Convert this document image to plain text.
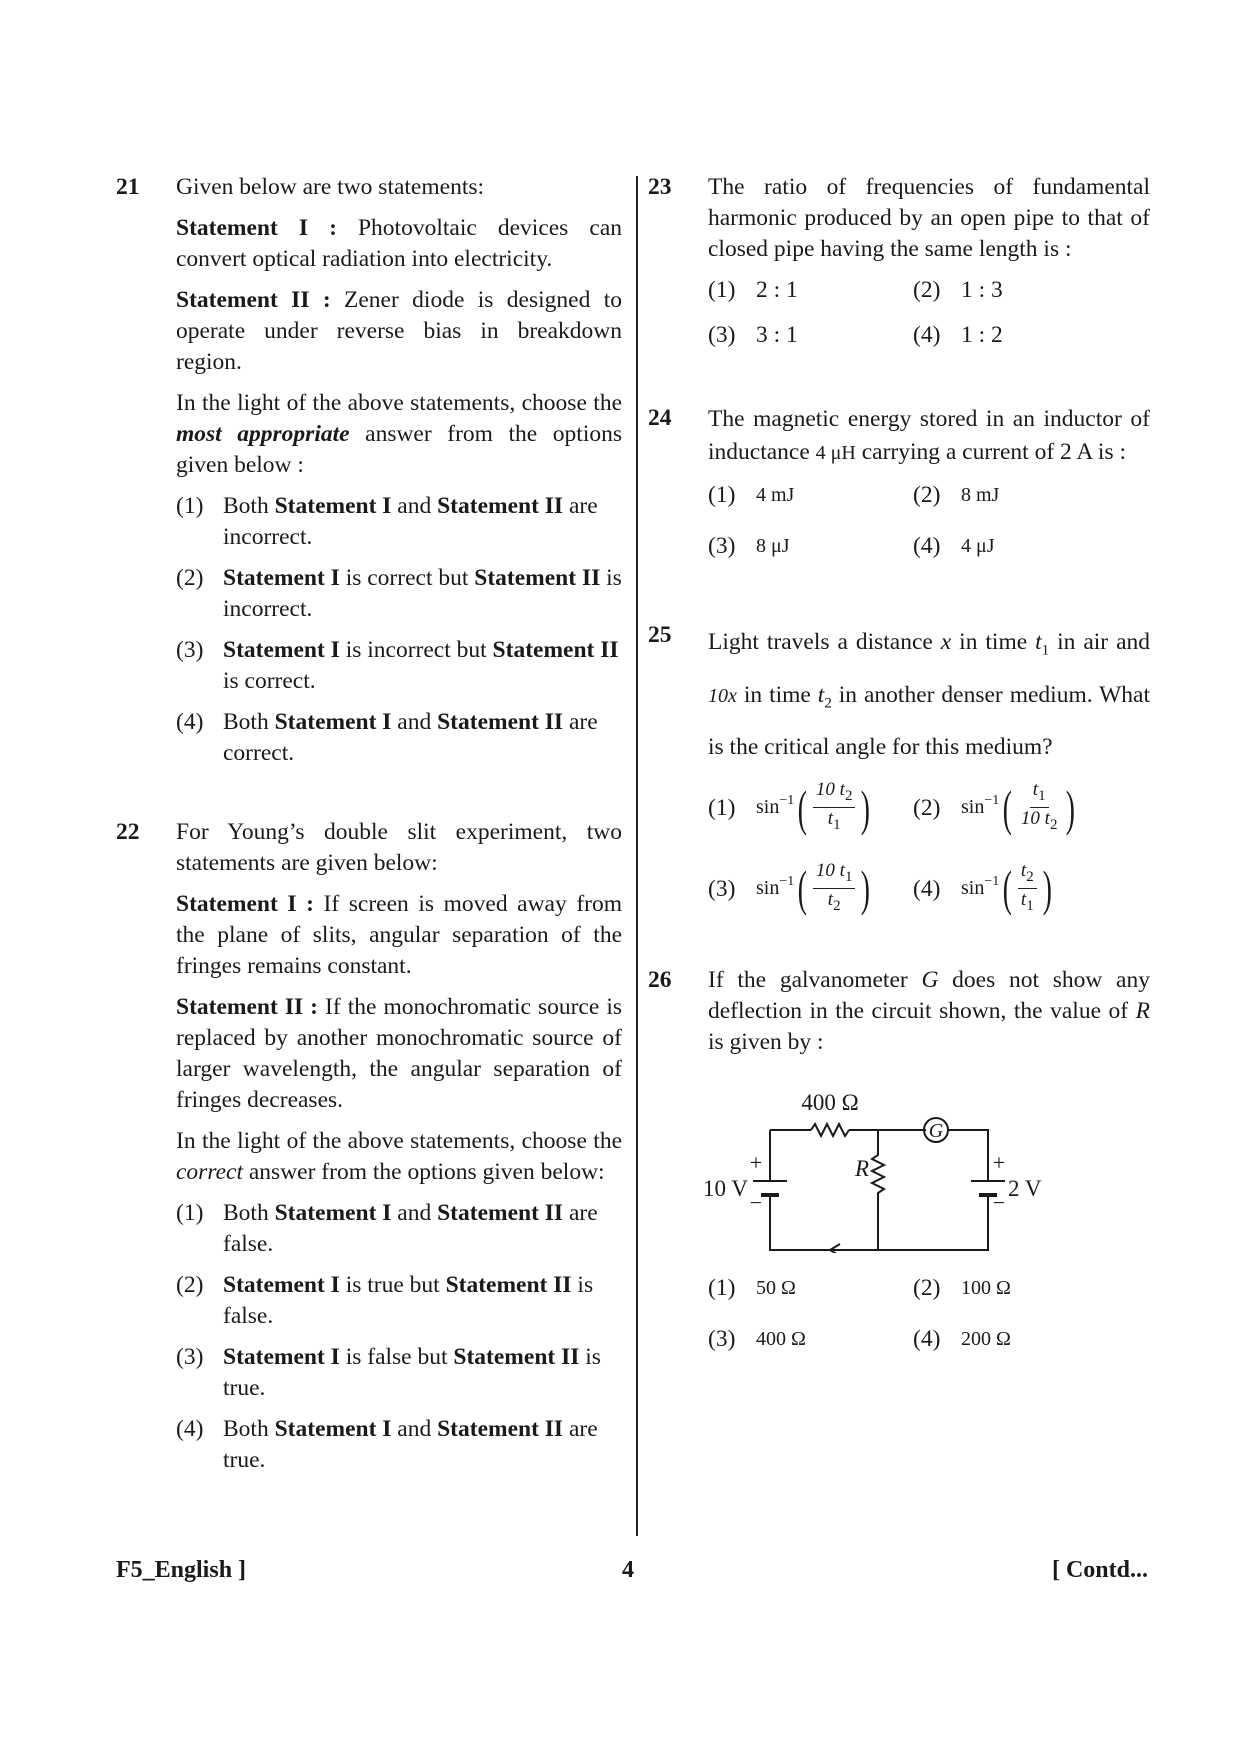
21 Given below are two statements:

Statement I : Photovoltaic devices can convert optical radiation into electricity.

Statement II : Zener diode is designed to operate under reverse bias in breakdown region.

In the light of the above statements, choose the most appropriate answer from the options given below :

(1) Both Statement I and Statement II are incorrect.
(2) Statement I is correct but Statement II is incorrect.
(3) Statement I is incorrect but Statement II is correct.
(4) Both Statement I and Statement II are correct.
22 For Young’s double slit experiment, two statements are given below:

Statement I : If screen is moved away from the plane of slits, angular separation of the fringes remains constant.

Statement II : If the monochromatic source is replaced by another monochromatic source of larger wavelength, the angular separation of fringes decreases.

In the light of the above statements, choose the correct answer from the options given below:

(1) Both Statement I and Statement II are false.
(2) Statement I is true but Statement II is false.
(3) Statement I is false but Statement II is true.
(4) Both Statement I and Statement II are true.
23 The ratio of frequencies of fundamental harmonic produced by an open pipe to that of closed pipe having the same length is :

(1) 2 : 1	(2) 1 : 3
(3) 3 : 1	(4) 1 : 2
24 The magnetic energy stored in an inductor of inductance 4 μH carrying a current of 2 A is :

(1) 4 mJ	(2) 8 mJ
(3) 8 μJ	(4) 4 μJ
25 Light travels a distance x in time $t_1$ in air and 10x in time $t_2$ in another denser medium. What is the critical angle for this medium?

(1) $\sin^{-1}$ ( $\frac{10 t_2}{t_1}$ ) (2) $\sin^{-1}$ ( $\frac{t_1}{10 t_2}$ )
(3) $\sin^{-1}$ ( $\frac{10 t_1}{t_2}$ ) (4) $\sin^{-1}$ ( $\frac{t_2}{t_1}$ )
26 If the galvanometer G does not show any deflection in the circuit shown, the value of R is given by :

G
400 Ω
R
10 V
+
−
2 V
+
−
(1) 50 Ω	(2) 100 Ω
(3) 400 Ω	(4) 200 Ω
F5_English ]	4	[ Contd...
